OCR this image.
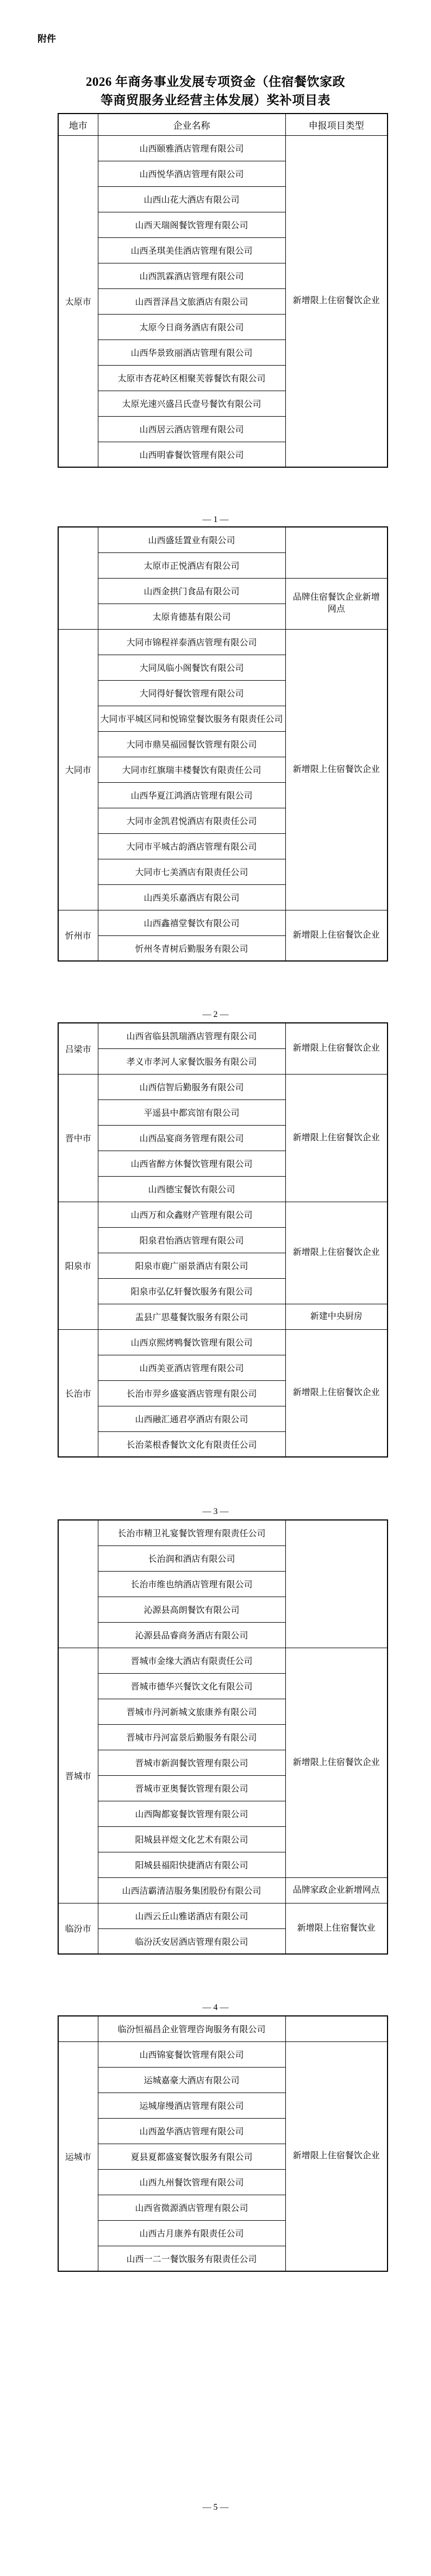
附件
2026 年商务事业发展专项资金（住宿餐饮家政
等商贸服务业经营主体发展）奖补项目表
地市	企业名称	申报项目类型
太原市	山西颐雅酒店管理有限公司	新增限上住宿餐饮企业
	山西悦华酒店管理有限公司	
	山西山花大酒店有限公司	
	山西天瑞阁餐饮管理有限公司	
	山西圣琪美佳酒店管理有限公司	
	山西凯霖酒店管理有限公司	
	山西晋泽昌文旅酒店有限公司	
	太原今日商务酒店有限公司	
	山西华景致丽酒店管理有限公司	
	太原市杏花岭区相聚芙蓉餐饮有限公司	
	太原光速兴盛吕氏壹号餐饮有限公司	
	山西居云酒店管理有限公司	
	山西明睿餐饮管理有限公司	
— 1 —
	山西盛廷置业有限公司	
	太原市正悦酒店有限公司	
	山西金拱门食品有限公司	品牌住宿餐饮企业新增网点
	太原肯德基有限公司	
大同市	大同市锦程祥泰酒店管理有限公司	新增限上住宿餐饮企业
	大同凤临小阁餐饮有限公司	
	大同得好餐饮管理有限公司	
	大同市平城区同和悦锦堂餐饮服务有限责任公司	
	大同市鼎昊福园餐饮管理有限公司	
	大同市红旗瑞丰楼餐饮有限责任公司	
	山西华夏江鸿酒店管理有限公司	
	大同市金凯君悦酒店有限责任公司	
	大同市平城古韵酒店管理有限公司	
	大同市七美酒店有限责任公司	
	山西美乐嘉酒店有限公司	
忻州市	山西鑫禧堂餐饮有限公司	新增限上住宿餐饮企业
	忻州冬青树后勤服务有限公司	
— 2 —
吕梁市	山西省临县凯瑞酒店管理有限公司	新增限上住宿餐饮企业
	孝义市孝河人家餐饮服务有限公司	
晋中市	山西信智后勤服务有限公司	新增限上住宿餐饮企业
	平遥县中都宾馆有限公司	
	山西品宴商务管理有限公司	
	山西省醉方休餐饮管理有限公司	
	山西德宝餐饮有限公司	
阳泉市	山西万和众鑫财产管理有限公司	新增限上住宿餐饮企业
	阳泉君怡酒店管理有限公司	
	阳泉市鹿广丽景酒店有限公司	
	阳泉市弘亿轩餐饮服务有限公司	
	盂县广思蔓餐饮服务有限公司	新建中央厨房
长治市	山西京熙烤鸭餐饮管理有限公司	新增限上住宿餐饮企业
	山西美亚酒店管理有限公司	
	长治市羿乡盛宴酒店管理有限公司	
	山西融汇通君亭酒店有限公司	
	长治菜根香餐饮文化有限责任公司	
— 3 —
	长治市精卫礼宴餐饮管理有限责任公司	
	长治润和酒店有限公司	
	长治市维也纳酒店管理有限公司	
	沁源县高朗餐饮有限公司	
	沁源县品睿商务酒店有限公司	
晋城市	晋城市金缘大酒店有限责任公司	新增限上住宿餐饮企业
	晋城市德华兴餐饮文化有限公司	
	晋城市丹河新城文旅康养有限公司	
	晋城市丹河富景后勤服务有限公司	
	晋城市新润餐饮管理有限公司	
	晋城市亚奥餐饮管理有限公司	
	山西陶都宴餐饮管理有限公司	
	阳城县祥煜文化艺术有限公司	
	阳城县福阳快捷酒店有限公司	
	山西洁霸清洁服务集团股份有限公司	品牌家政企业新增网点
临汾市	山西云丘山雅诺酒店有限公司	新增限上住宿餐饮业
	临汾沃安居酒店管理有限公司	
— 4 —
	临汾恒福昌企业管理咨询服务有限公司	
运城市	山西锦宴餐饮管理有限公司	新增限上住宿餐饮企业
	运城嘉豪大酒店有限公司	
	运城扉缦酒店管理有限公司	
	山西盈华酒店管理有限公司	
	夏县夏都盛宴餐饮服务有限公司	
	山西九州餐饮管理有限公司	
	山西省微源酒店管理有限公司	
	山西古月康养有限责任公司	
	山西一二一餐饮服务有限责任公司	
— 5 —
